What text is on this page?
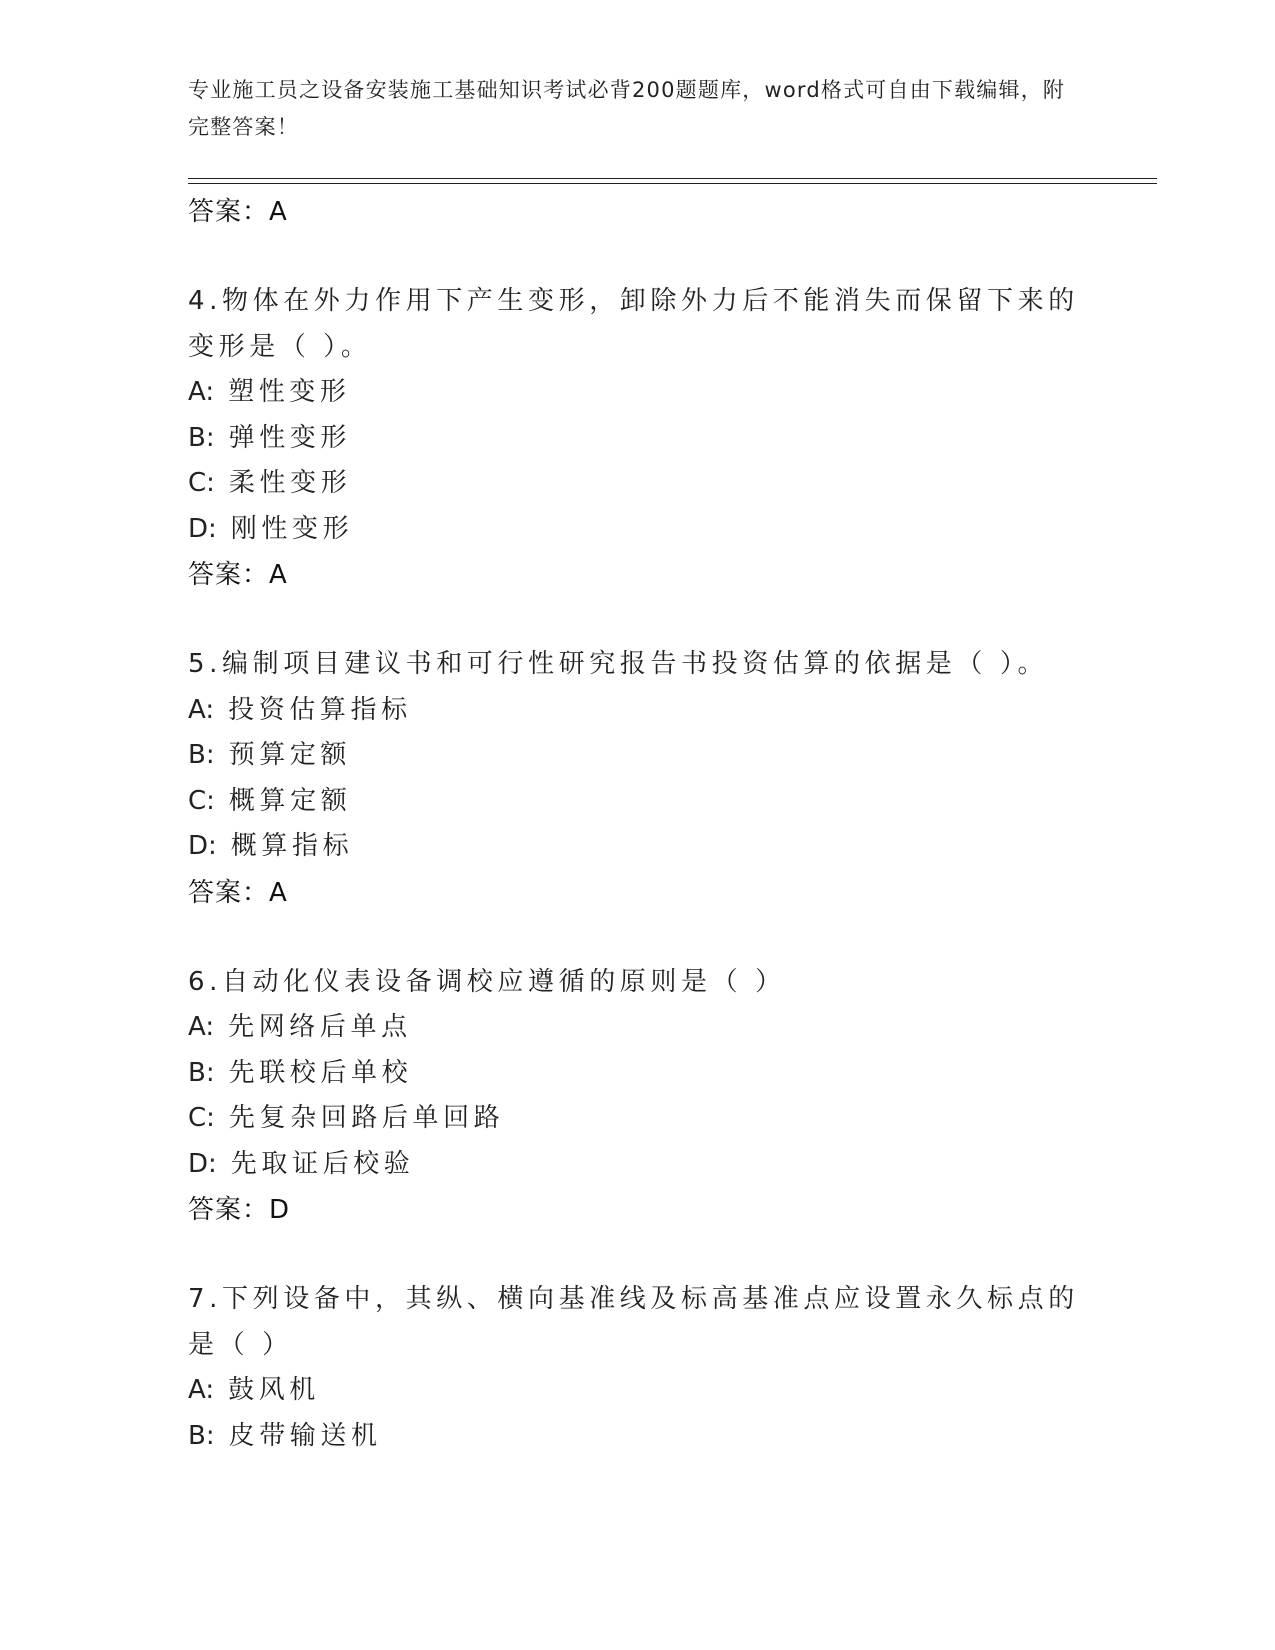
专业施工员之设备安装施工基础知识考试必背200题题库，word格式可自由下载编辑，附完整答案！
答案：A

4.物体在外力作用下产生变形，卸除外力后不能消失而保留下来的变形是（ ）。

A: 塑性变形
B: 弹性变形
C: 柔性变形
D: 刚性变形
答案：A

5.编制项目建议书和可行性研究报告书投资估算的依据是（ ）。

A: 投资估算指标
B: 预算定额
C: 概算定额
D: 概算指标
答案：A

6.自动化仪表设备调校应遵循的原则是（ ）

A: 先网络后单点
B: 先联校后单校
C: 先复杂回路后单回路
D: 先取证后校验
答案：D

7.下列设备中，其纵、横向基准线及标高基准点应设置永久标点的是（ ）

A: 鼓风机
B: 皮带输送机
